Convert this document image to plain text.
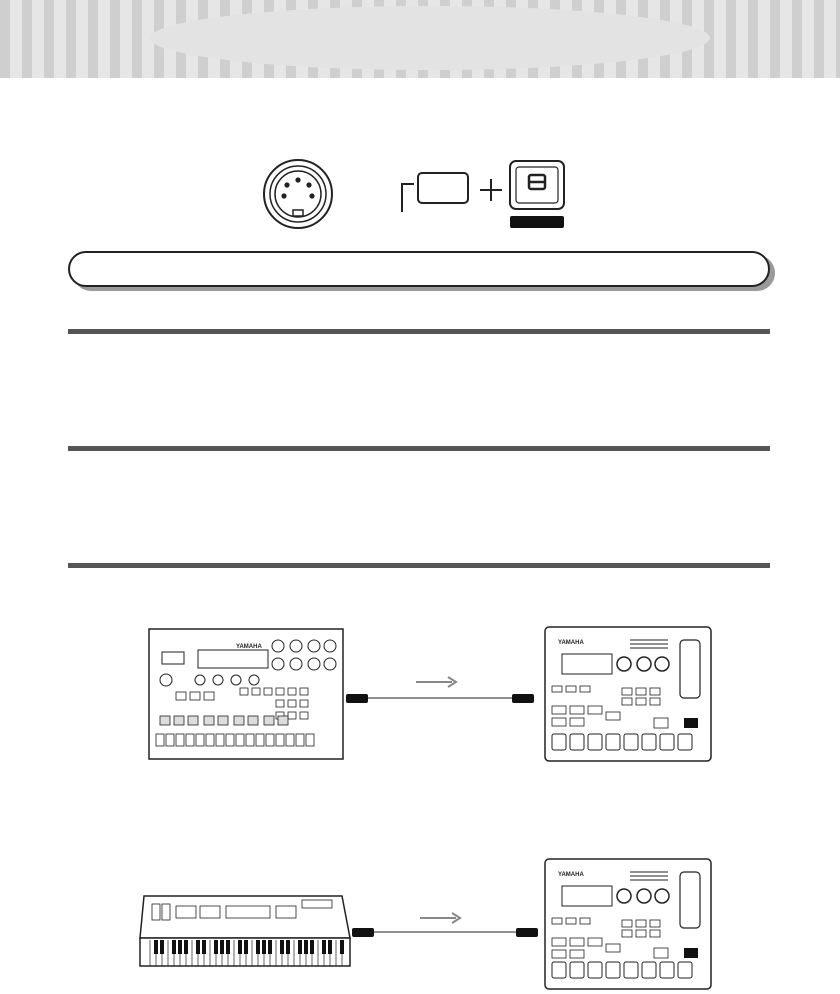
YAMAHA
YAMAHA
YAMAHA
